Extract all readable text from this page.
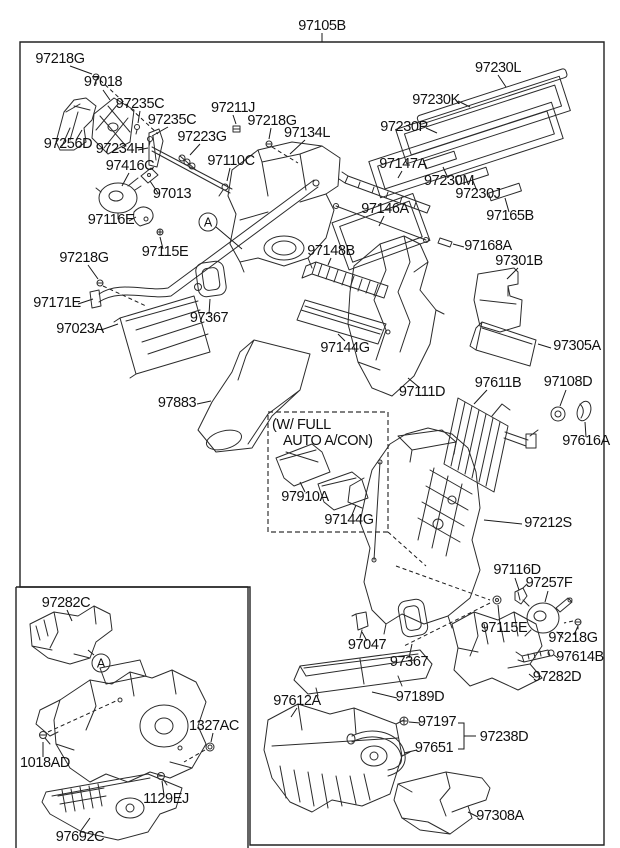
A
A
97105B
97218G
97018
97235C
97235C
97211J
97218G
97134L
97256D 97234H
97223G
97416C	97110C
97013
97116E
97115E
97218G
97171E
97023A
97367
97883
97230L
97230K
97230P
97147A
97230M
97230J
97165B
97146A
97168A
97148B
97301B
97144G	97305A
97111D
97611B 97108D
97616A
97212S
97116D
97257F
97115E
97218G
97614B
97282D
97047
97367
97189D
97612A
97197
97651
97238D
97308A
(W/ FULL
AUTO A/CON)
97910A
97144G
97282C
1327AC
1018AD
1129EJ
97692C
